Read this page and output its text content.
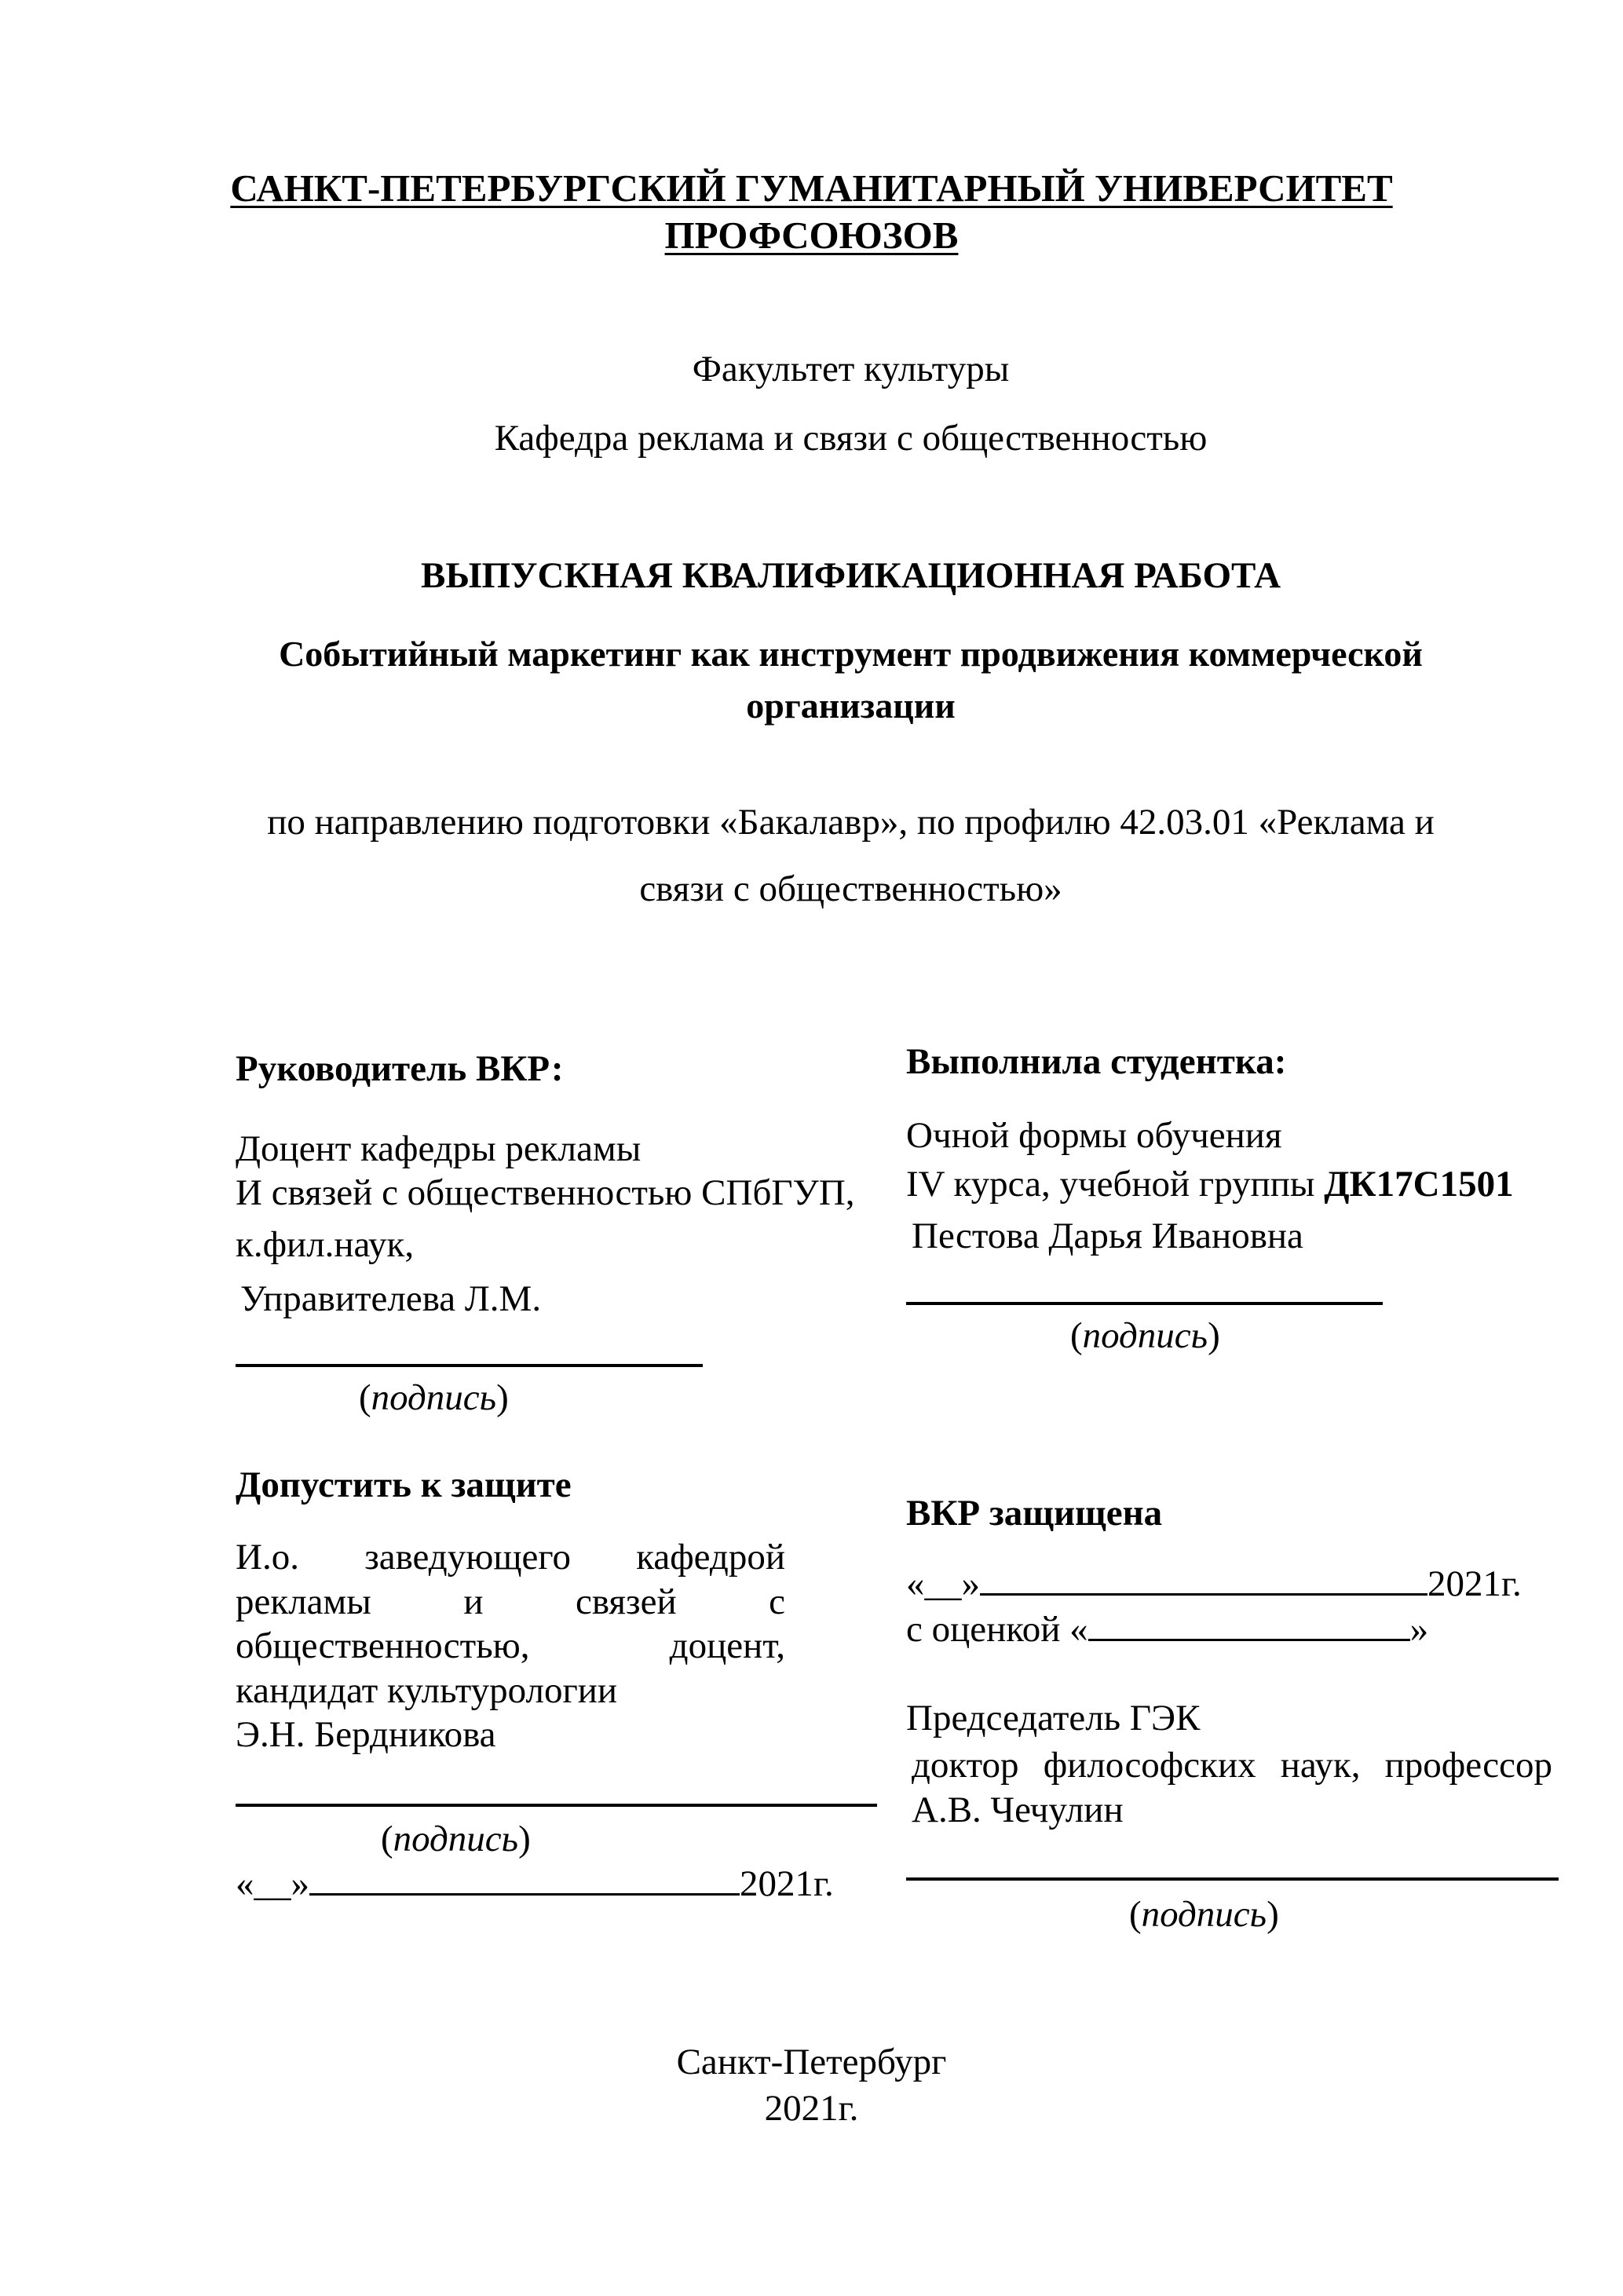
САНКТ-ПЕТЕРБУРГСКИЙ ГУМАНИТАРНЫЙ УНИВЕРСИТЕТ
ПРОФСОЮЗОВ
Факультет культуры
Кафедра реклама и связи с общественностью
ВЫПУСКНАЯ КВАЛИФИКАЦИОННАЯ РАБОТА
Событийный маркетинг как инструмент продвижения коммерческой
организации
по направлению подготовки «Бакалавр», по профилю 42.03.01 «Реклама и
связи с общественностью»
Руководитель ВКР:
Доцент кафедры рекламы
И связей с общественностью СПбГУП,
к.фил.наук,
Управителева Л.М.
(подпись)
Выполнила студентка:
Очной формы обучения
IV курса, учебной группы ДК17С1501
Пестова Дарья Ивановна
(подпись)
Допустить к защите
И.о. заведующего кафедрой
рекламы и связей с
общественностью, доцент,
кандидат культурологии
Э.Н. Бердникова
(подпись)
«__»	2021г.
ВКР защищена
«__»	2021г.
с оценкой «	»
Председатель ГЭК
доктор философских наук, профессор
А.В. Чечулин
(подпись)
Санкт-Петербург
2021г.
